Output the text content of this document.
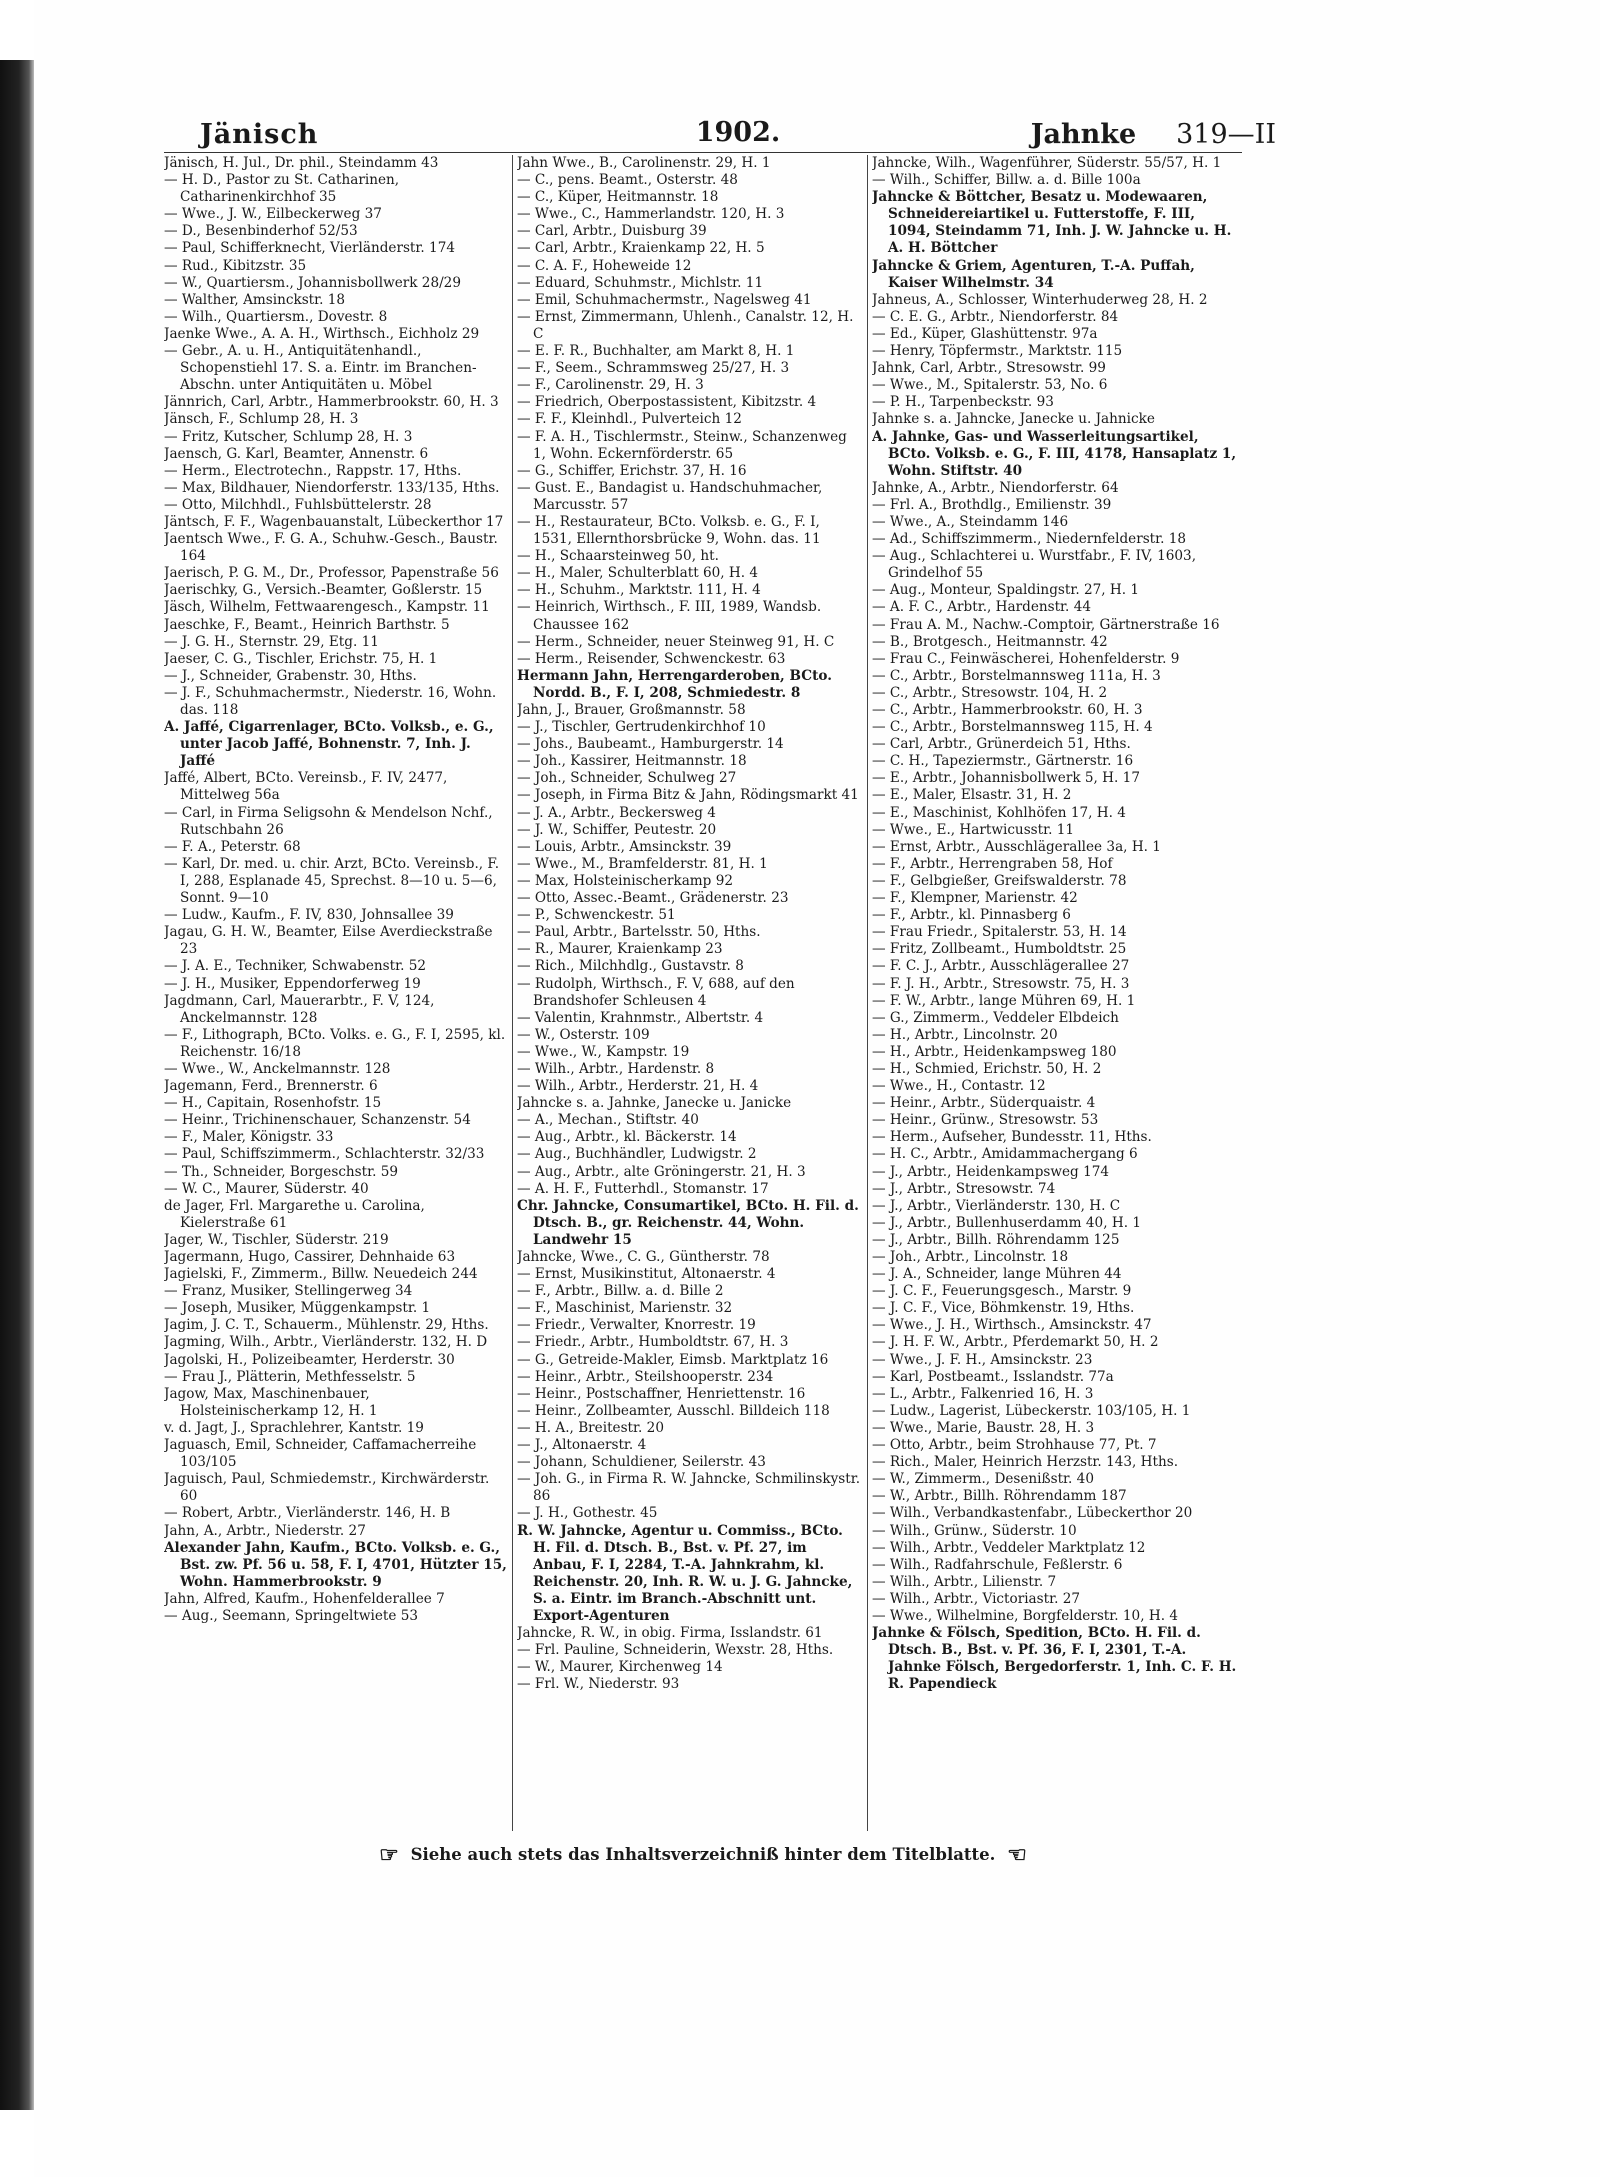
Jänisch	1902.	Jahnke 319—II
Jänisch, H. Jul., Dr. phil., Steindamm 43
— H. D., Pastor zu St. Catharinen, Catharinenkirchhof 35
— Wwe., J. W., Eilbeckerweg 37
— D., Besenbinderhof 52/53
— Paul, Schifferknecht, Vierländerstr. 174
— Rud., Kibitzstr. 35
— W., Quartiersm., Johannisbollwerk 28/29
— Walther, Amsinckstr. 18
— Wilh., Quartiersm., Dovestr. 8
Jaenke Wwe., A. A. H., Wirthsch., Eichholz 29
— Gebr., A. u. H., Antiquitätenhandl., Schopenstiehl 17. S. a. Eintr. im Branchen-Abschn. unter Antiquitäten u. Möbel
Jännrich, Carl, Arbtr., Hammerbrookstr. 60, H. 3
Jänsch, F., Schlump 28, H. 3
— Fritz, Kutscher, Schlump 28, H. 3
Jaensch, G. Karl, Beamter, Annenstr. 6
— Herm., Electrotechn., Rappstr. 17, Hths.
— Max, Bildhauer, Niendorferstr. 133/135, Hths.
— Otto, Milchhdl., Fuhlsbüttelerstr. 28
Jäntsch, F. F., Wagenbauanstalt, Lübeckerthor 17
Jaentsch Wwe., F. G. A., Schuhw.-Gesch., Baustr. 164
Jaerisch, P. G. M., Dr., Professor, Papenstraße 56
Jaerischky, G., Versich.-Beamter, Goßlerstr. 15
Jäsch, Wilhelm, Fettwaarengesch., Kampstr. 11
Jaeschke, F., Beamt., Heinrich Barthstr. 5
— J. G. H., Sternstr. 29, Etg. 11
Jaeser, C. G., Tischler, Erichstr. 75, H. 1
— J., Schneider, Grabenstr. 30, Hths.
— J. F., Schuhmachermstr., Niederstr. 16, Wohn. das. 118
A. Jaffé, Cigarrenlager, BCto. Volksb., e. G., unter Jacob Jaffé, Bohnenstr. 7, Inh. J. Jaffé
Jaffé, Albert, BCto. Vereinsb., F. IV, 2477, Mittelweg 56a
— Carl, in Firma Seligsohn & Mendelson Nchf., Rutschbahn 26
— F. A., Peterstr. 68
— Karl, Dr. med. u. chir. Arzt, BCto. Vereinsb., F. I, 288, Esplanade 45, Sprechst. 8—10 u. 5—6, Sonnt. 9—10
— Ludw., Kaufm., F. IV, 830, Johnsallee 39
Jagau, G. H. W., Beamter, Eilse Averdieckstraße 23
— J. A. E., Techniker, Schwabenstr. 52
— J. H., Musiker, Eppendorferweg 19
Jagdmann, Carl, Mauerarbtr., F. V, 124, Anckelmannstr. 128
— F., Lithograph, BCto. Volks. e. G., F. I, 2595, kl. Reichenstr. 16/18
— Wwe., W., Anckelmannstr. 128
Jagemann, Ferd., Brennerstr. 6
— H., Capitain, Rosenhofstr. 15
— Heinr., Trichinenschauer, Schanzenstr. 54
— F., Maler, Königstr. 33
— Paul, Schiffszimmerm., Schlachterstr. 32/33
— Th., Schneider, Borgeschstr. 59
— W. C., Maurer, Süderstr. 40
de Jager, Frl. Margarethe u. Carolina, Kielerstraße 61
Jager, W., Tischler, Süderstr. 219
Jagermann, Hugo, Cassirer, Dehnhaide 63
Jagielski, F., Zimmerm., Billw. Neuedeich 244
— Franz, Musiker, Stellingerweg 34
— Joseph, Musiker, Müggenkampstr. 1
Jagim, J. C. T., Schauerm., Mühlenstr. 29, Hths.
Jagming, Wilh., Arbtr., Vierländerstr. 132, H. D
Jagolski, H., Polizeibeamter, Herderstr. 30
— Frau J., Plätterin, Methfesselstr. 5
Jagow, Max, Maschinenbauer, Holsteinischerkamp 12, H. 1
v. d. Jagt, J., Sprachlehrer, Kantstr. 19
Jaguasch, Emil, Schneider, Caffamacherreihe 103/105
Jaguisch, Paul, Schmiedemstr., Kirchwärderstr. 60
— Robert, Arbtr., Vierländerstr. 146, H. B
Jahn, A., Arbtr., Niederstr. 27
Alexander Jahn, Kaufm., BCto. Volksb. e. G., Bst. zw. Pf. 56 u. 58, F. I, 4701, Hützter 15, Wohn. Hammerbrookstr. 9
Jahn, Alfred, Kaufm., Hohenfelderallee 7
— Aug., Seemann, Springeltwiete 53
Jahn Wwe., B., Carolinenstr. 29, H. 1
— C., pens. Beamt., Osterstr. 48
— C., Küper, Heitmannstr. 18
— Wwe., C., Hammerlandstr. 120, H. 3
— Carl, Arbtr., Duisburg 39
— Carl, Arbtr., Kraienkamp 22, H. 5
— C. A. F., Hoheweide 12
— Eduard, Schuhmstr., Michlstr. 11
— Emil, Schuhmachermstr., Nagelsweg 41
— Ernst, Zimmermann, Uhlenh., Canalstr. 12, H. C
— E. F. R., Buchhalter, am Markt 8, H. 1
— F., Seem., Schrammsweg 25/27, H. 3
— F., Carolinenstr. 29, H. 3
— Friedrich, Oberpostassistent, Kibitzstr. 4
— F. F., Kleinhdl., Pulverteich 12
— F. A. H., Tischlermstr., Steinw., Schanzenweg 1, Wohn. Eckernförderstr. 65
— G., Schiffer, Erichstr. 37, H. 16
— Gust. E., Bandagist u. Handschuhmacher, Marcusstr. 57
— H., Restaurateur, BCto. Volksb. e. G., F. I, 1531, Ellernthorsbrücke 9, Wohn. das. 11
— H., Schaarsteinweg 50, ht.
— H., Maler, Schulterblatt 60, H. 4
— H., Schuhm., Marktstr. 111, H. 4
— Heinrich, Wirthsch., F. III, 1989, Wandsb. Chaussee 162
— Herm., Schneider, neuer Steinweg 91, H. C
— Herm., Reisender, Schwenckestr. 63
Hermann Jahn, Herrengarderoben, BCto. Nordd. B., F. I, 208, Schmiedestr. 8
Jahn, J., Brauer, Großmannstr. 58
— J., Tischler, Gertrudenkirchhof 10
— Johs., Baubeamt., Hamburgerstr. 14
— Joh., Kassirer, Heitmannstr. 18
— Joh., Schneider, Schulweg 27
— Joseph, in Firma Bitz & Jahn, Rödingsmarkt 41
— J. A., Arbtr., Beckersweg 4
— J. W., Schiffer, Peutestr. 20
— Louis, Arbtr., Amsinckstr. 39
— Wwe., M., Bramfelderstr. 81, H. 1
— Max, Holsteinischerkamp 92
— Otto, Assec.-Beamt., Grädenerstr. 23
— P., Schwenckestr. 51
— Paul, Arbtr., Bartelsstr. 50, Hths.
— R., Maurer, Kraienkamp 23
— Rich., Milchhdlg., Gustavstr. 8
— Rudolph, Wirthsch., F. V, 688, auf den Brandshofer Schleusen 4
— Valentin, Krahnmstr., Albertstr. 4
— W., Osterstr. 109
— Wwe., W., Kampstr. 19
— Wilh., Arbtr., Hardenstr. 8
— Wilh., Arbtr., Herderstr. 21, H. 4
Jahncke s. a. Jahnke, Janecke u. Janicke
— A., Mechan., Stiftstr. 40
— Aug., Arbtr., kl. Bäckerstr. 14
— Aug., Buchhändler, Ludwigstr. 2
— Aug., Arbtr., alte Gröningerstr. 21, H. 3
— A. H. F., Futterhdl., Stomanstr. 17
Chr. Jahncke, Consumartikel, BCto. H. Fil. d. Dtsch. B., gr. Reichenstr. 44, Wohn. Landwehr 15
Jahncke, Wwe., C. G., Güntherstr. 78
— Ernst, Musikinstitut, Altonaerstr. 4
— F., Arbtr., Billw. a. d. Bille 2
— F., Maschinist, Marienstr. 32
— Friedr., Verwalter, Knorrestr. 19
— Friedr., Arbtr., Humboldtstr. 67, H. 3
— G., Getreide-Makler, Eimsb. Marktplatz 16
— Heinr., Arbtr., Steilshooperstr. 234
— Heinr., Postschaffner, Henriettenstr. 16
— Heinr., Zollbeamter, Ausschl. Billdeich 118
— H. A., Breitestr. 20
— J., Altonaerstr. 4
— Johann, Schuldiener, Seilerstr. 43
— Joh. G., in Firma R. W. Jahncke, Schmilinskystr. 86
— J. H., Gothestr. 45
R. W. Jahncke, Agentur u. Commiss., BCto. H. Fil. d. Dtsch. B., Bst. v. Pf. 27, im Anbau, F. I, 2284, T.-A. Jahnkrahm, kl. Reichenstr. 20, Inh. R. W. u. J. G. Jahncke, S. a. Eintr. im Branch.-Abschnitt unt. Export-Agenturen
Jahncke, R. W., in obig. Firma, Isslandstr. 61
— Frl. Pauline, Schneiderin, Wexstr. 28, Hths.
— W., Maurer, Kirchenweg 14
— Frl. W., Niederstr. 93
Jahncke, Wilh., Wagenführer, Süderstr. 55/57, H. 1
— Wilh., Schiffer, Billw. a. d. Bille 100a
Jahncke & Böttcher, Besatz u. Modewaaren, Schneidereiartikel u. Futterstoffe, F. III, 1094, Steindamm 71, Inh. J. W. Jahncke u. H. A. H. Böttcher
Jahncke & Griem, Agenturen, T.-A. Puffah, Kaiser Wilhelmstr. 34
Jahneus, A., Schlosser, Winterhuderweg 28, H. 2
— C. E. G., Arbtr., Niendorferstr. 84
— Ed., Küper, Glashüttenstr. 97a
— Henry, Töpfermstr., Marktstr. 115
Jahnk, Carl, Arbtr., Stresowstr. 99
— Wwe., M., Spitalerstr. 53, No. 6
— P. H., Tarpenbeckstr. 93
Jahnke s. a. Jahncke, Janecke u. Jahnicke
A. Jahnke, Gas- und Wasserleitungsartikel, BCto. Volksb. e. G., F. III, 4178, Hansaplatz 1, Wohn. Stiftstr. 40
Jahnke, A., Arbtr., Niendorferstr. 64
— Frl. A., Brothdlg., Emilienstr. 39
— Wwe., A., Steindamm 146
— Ad., Schiffszimmerm., Niedernfelderstr. 18
— Aug., Schlachterei u. Wurstfabr., F. IV, 1603, Grindelhof 55
— Aug., Monteur, Spaldingstr. 27, H. 1
— A. F. C., Arbtr., Hardenstr. 44
— Frau A. M., Nachw.-Comptoir, Gärtnerstraße 16
— B., Brotgesch., Heitmannstr. 42
— Frau C., Feinwäscherei, Hohenfelderstr. 9
— C., Arbtr., Borstelmannsweg 111a, H. 3
— C., Arbtr., Stresowstr. 104, H. 2
— C., Arbtr., Hammerbrookstr. 60, H. 3
— C., Arbtr., Borstelmannsweg 115, H. 4
— Carl, Arbtr., Grünerdeich 51, Hths.
— C. H., Tapeziermstr., Gärtnerstr. 16
— E., Arbtr., Johannisbollwerk 5, H. 17
— E., Maler, Elsastr. 31, H. 2
— E., Maschinist, Kohlhöfen 17, H. 4
— Wwe., E., Hartwicusstr. 11
— Ernst, Arbtr., Ausschlägerallee 3a, H. 1
— F., Arbtr., Herrengraben 58, Hof
— F., Gelbgießer, Greifswalderstr. 78
— F., Klempner, Marienstr. 42
— F., Arbtr., kl. Pinnasberg 6
— Frau Friedr., Spitalerstr. 53, H. 14
— Fritz, Zollbeamt., Humboldtstr. 25
— F. C. J., Arbtr., Ausschlägerallee 27
— F. J. H., Arbtr., Stresowstr. 75, H. 3
— F. W., Arbtr., lange Mühren 69, H. 1
— G., Zimmerm., Veddeler Elbdeich
— H., Arbtr., Lincolnstr. 20
— H., Arbtr., Heidenkampsweg 180
— H., Schmied, Erichstr. 50, H. 2
— Wwe., H., Contastr. 12
— Heinr., Arbtr., Süderquaistr. 4
— Heinr., Grünw., Stresowstr. 53
— Herm., Aufseher, Bundesstr. 11, Hths.
— H. C., Arbtr., Amidammachergang 6
— J., Arbtr., Heidenkampsweg 174
— J., Arbtr., Stresowstr. 74
— J., Arbtr., Vierländerstr. 130, H. C
— J., Arbtr., Bullenhuserdamm 40, H. 1
— J., Arbtr., Billh. Röhrendamm 125
— Joh., Arbtr., Lincolnstr. 18
— J. A., Schneider, lange Mühren 44
— J. C. F., Feuerungsgesch., Marstr. 9
— J. C. F., Vice, Böhmkenstr. 19, Hths.
— Wwe., J. H., Wirthsch., Amsinckstr. 47
— J. H. F. W., Arbtr., Pferdemarkt 50, H. 2
— Wwe., J. F. H., Amsinckstr. 23
— Karl, Postbeamt., Isslandstr. 77a
— L., Arbtr., Falkenried 16, H. 3
— Ludw., Lagerist, Lübeckerstr. 103/105, H. 1
— Wwe., Marie, Baustr. 28, H. 3
— Otto, Arbtr., beim Strohhause 77, Pt. 7
— Rich., Maler, Heinrich Herzstr. 143, Hths.
— W., Zimmerm., Desenißstr. 40
— W., Arbtr., Billh. Röhrendamm 187
— Wilh., Verbandkastenfabr., Lübeckerthor 20
— Wilh., Grünw., Süderstr. 10
— Wilh., Arbtr., Veddeler Marktplatz 12
— Wilh., Radfahrschule, Feßlerstr. 6
— Wilh., Arbtr., Lilienstr. 7
— Wilh., Arbtr., Victoriastr. 27
— Wwe., Wilhelmine, Borgfelderstr. 10, H. 4
Jahnke & Fölsch, Spedition, BCto. H. Fil. d. Dtsch. B., Bst. v. Pf. 36, F. I, 2301, T.-A. Jahnke Fölsch, Bergedorferstr. 1, Inh. C. F. H. R. Papendieck
☞ Siehe auch stets das Inhaltsverzeichniß hinter dem Titelblatte. ☜
